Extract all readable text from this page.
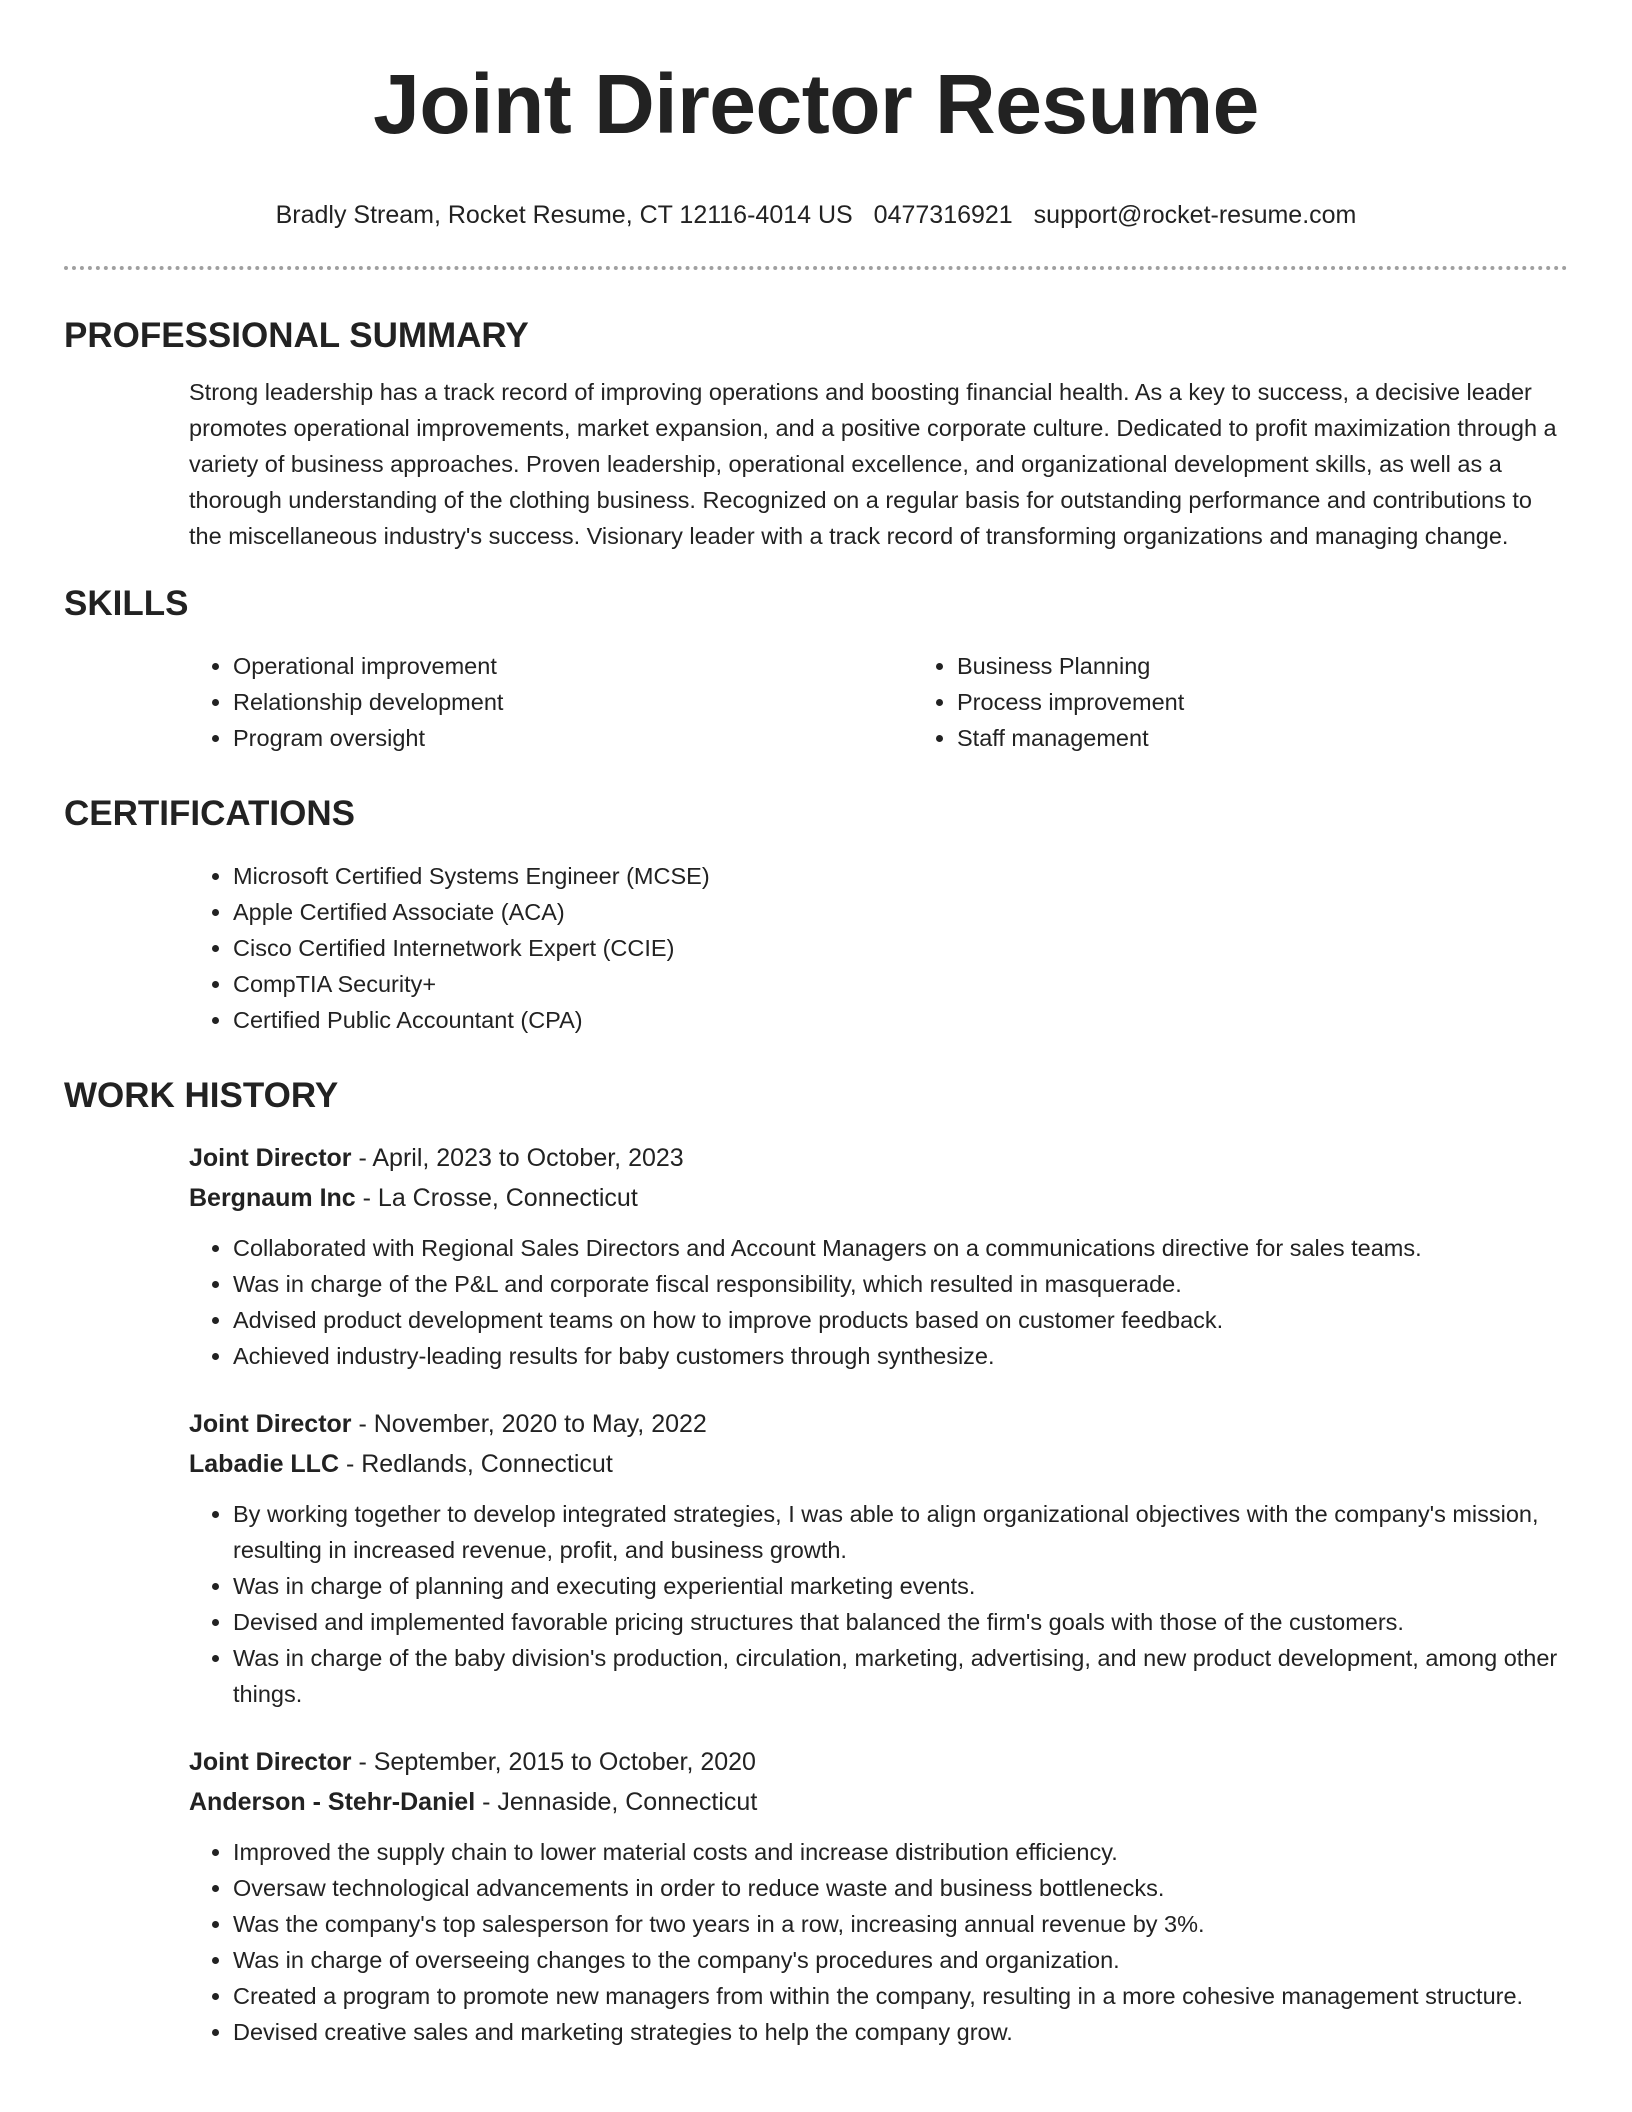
Joint Director Resume
Bradly Stream, Rocket Resume, CT 12116-4014 US 0477316921 support@rocket-resume.com
PROFESSIONAL SUMMARY

Strong leadership has a track record of improving operations and boosting financial health. As a key to success, a decisive leader promotes operational improvements, market expansion, and a positive corporate culture. Dedicated to profit maximization through a variety of business approaches. Proven leadership, operational excellence, and organizational development skills, as well as a thorough understanding of the clothing business. Recognized on a regular basis for outstanding performance and contributions to the miscellaneous industry's success. Visionary leader with a track record of transforming organizations and managing change.

SKILLS
• Operational improvement
• Relationship development
• Program oversight
• Business Planning
• Process improvement
• Staff management
CERTIFICATIONS
• Microsoft Certified Systems Engineer (MCSE)
• Apple Certified Associate (ACA)
• Cisco Certified Internetwork Expert (CCIE)
• CompTIA Security+
• Certified Public Accountant (CPA)
WORK HISTORY

Joint Director - April, 2023 to October, 2023

Bergnaum Inc - La Crosse, Connecticut

• Collaborated with Regional Sales Directors and Account Managers on a communications directive for sales teams.
• Was in charge of the P&L and corporate fiscal responsibility, which resulted in masquerade.
• Advised product development teams on how to improve products based on customer feedback.
• Achieved industry-leading results for baby customers through synthesize.

Joint Director - November, 2020 to May, 2022

Labadie LLC - Redlands, Connecticut

• By working together to develop integrated strategies, I was able to align organizational objectives with the company's mission, resulting in increased revenue, profit, and business growth.
• Was in charge of planning and executing experiential marketing events.
• Devised and implemented favorable pricing structures that balanced the firm's goals with those of the customers.
• Was in charge of the baby division's production, circulation, marketing, advertising, and new product development, among other things.

Joint Director - September, 2015 to October, 2020

Anderson - Stehr-Daniel - Jennaside, Connecticut

• Improved the supply chain to lower material costs and increase distribution efficiency.
• Oversaw technological advancements in order to reduce waste and business bottlenecks.
• Was the company's top salesperson for two years in a row, increasing annual revenue by 3%.
• Was in charge of overseeing changes to the company's procedures and organization.
• Created a program to promote new managers from within the company, resulting in a more cohesive management structure.
• Devised creative sales and marketing strategies to help the company grow.
